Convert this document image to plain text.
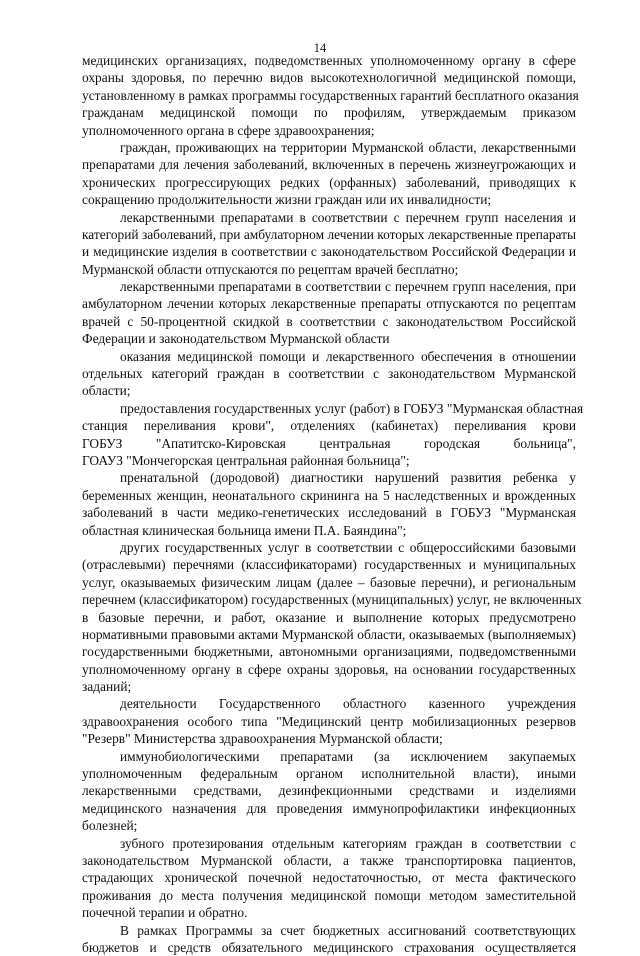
14
медицинских организациях, подведомственных уполномоченному органу в сфере
охраны здоровья, по перечню видов высокотехнологичной медицинской помощи,
установленному в рамках программы государственных гарантий бесплатного оказания
гражданам медицинской помощи по профилям, утверждаемым приказом
уполномоченного органа в сфере здравоохранения;
граждан, проживающих на территории Мурманской области, лекарственными
препаратами для лечения заболеваний, включенных в перечень жизнеугрожающих и
хронических прогрессирующих редких (орфанных) заболеваний, приводящих к
сокращению продолжительности жизни граждан или их инвалидности;
лекарственными препаратами в соответствии с перечнем групп населения и
категорий заболеваний, при амбулаторном лечении которых лекарственные препараты
и медицинские изделия в соответствии с законодательством Российской Федерации и
Мурманской области отпускаются по рецептам врачей бесплатно;
лекарственными препаратами в соответствии с перечнем групп населения, при
амбулаторном лечении которых лекарственные препараты отпускаются по рецептам
врачей с 50-процентной скидкой в соответствии с законодательством Российской
Федерации и законодательством Мурманской области
оказания медицинской помощи и лекарственного обеспечения в отношении
отдельных категорий граждан в соответствии с законодательством Мурманской
области;
предоставления государственных услуг (работ) в ГОБУЗ "Мурманская областная
станция переливания крови", отделениях (кабинетах) переливания крови
ГОБУЗ "Апатитско-Кировская центральная городская больница",
ГОАУЗ "Мончегорская центральная районная больница";
пренатальной (дородовой) диагностики нарушений развития ребенка у
беременных женщин, неонатального скрининга на 5 наследственных и врожденных
заболеваний в части медико-генетических исследований в ГОБУЗ "Мурманская
областная клиническая больница имени П.А. Баяндина";
других государственных услуг в соответствии с общероссийскими базовыми
(отраслевыми) перечнями (классификаторами) государственных и муниципальных
услуг, оказываемых физическим лицам (далее – базовые перечни), и региональным
перечнем (классификатором) государственных (муниципальных) услуг, не включенных
в базовые перечни, и работ, оказание и выполнение которых предусмотрено
нормативными правовыми актами Мурманской области, оказываемых (выполняемых)
государственными бюджетными, автономными организациями, подведомственными
уполномоченному органу в сфере охраны здоровья, на основании государственных
заданий;
деятельности Государственного областного казенного учреждения
здравоохранения особого типа "Медицинский центр мобилизационных резервов
"Резерв" Министерства здравоохранения Мурманской области;
иммунобиологическими препаратами (за исключением закупаемых
уполномоченным федеральным органом исполнительной власти), иными
лекарственными средствами, дезинфекционными средствами и изделиями
медицинского назначения для проведения иммунопрофилактики инфекционных
болезней;
зубного протезирования отдельным категориям граждан в соответствии с
законодательством Мурманской области, а также транспортировка пациентов,
страдающих хронической почечной недостаточностью, от места фактического
проживания до места получения медицинской помощи методом заместительной
почечной терапии и обратно.
В рамках Программы за счет бюджетных ассигнований соответствующих
бюджетов и средств обязательного медицинского страхования осуществляется
